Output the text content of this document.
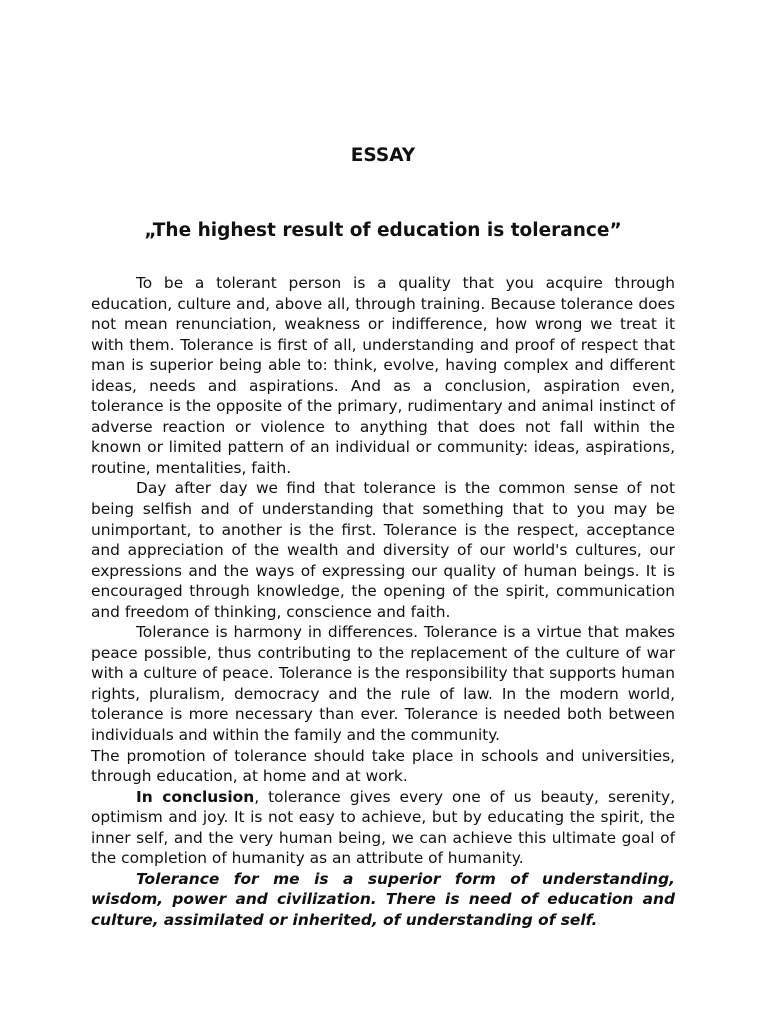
ESSAY
„The highest result of education is tolerance”

To be a tolerant person is a quality that you acquire through education, culture and, above all, through training. Because tolerance does not mean renunciation, weakness or indifference, how wrong we treat it with them. Tolerance is first of all, understanding and proof of respect that man is superior being able to: think, evolve, having complex and different ideas, needs and aspirations. And as a conclusion, aspiration even, tolerance is the opposite of the primary, rudimentary and animal instinct of adverse reaction or violence to anything that does not fall within the known or limited pattern of an individual or community: ideas, aspirations, routine, mentalities, faith.

Day after day we find that tolerance is the common sense of not being selfish and of understanding that something that to you may be unimportant, to another is the first. Tolerance is the respect, acceptance and appreciation of the wealth and diversity of our world's cultures, our expressions and the ways of expressing our quality of human beings. It is encouraged through knowledge, the opening of the spirit, communication and freedom of thinking, conscience and faith.

Tolerance is harmony in differences. Tolerance is a virtue that makes peace possible, thus contributing to the replacement of the culture of war with a culture of peace. Tolerance is the responsibility that supports human rights, pluralism, democracy and the rule of law. In the modern world, tolerance is more necessary than ever. Tolerance is needed both between individuals and within the family and the community.

The promotion of tolerance should take place in schools and universities, through education, at home and at work.

In conclusion, tolerance gives every one of us beauty, serenity, optimism and joy. It is not easy to achieve, but by educating the spirit, the inner self, and the very human being, we can achieve this ultimate goal of the completion of humanity as an attribute of humanity.

Tolerance for me is a superior form of understanding, wisdom, power and civilization. There is need of education and culture, assimilated or inherited, of understanding of self.
